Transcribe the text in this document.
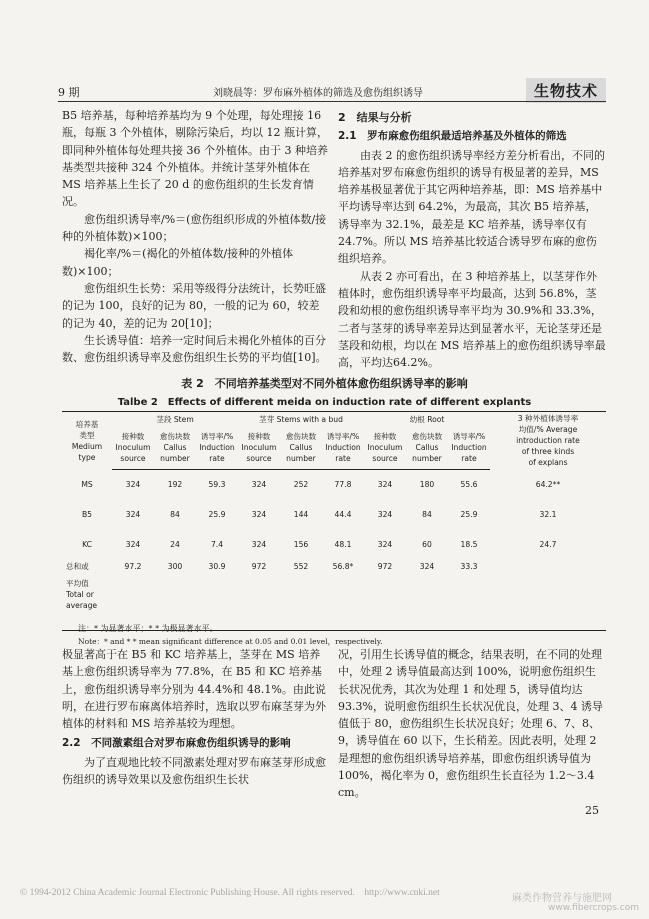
9 期	刘晓晨等：罗布麻外植体的筛选及愈伤组织诱导	生物技术

B5 培养基，每种培养基均为 9 个处理，每处理接 16 瓶，每瓶 3 个外植体，剔除污染后，均以 12 瓶计算，即同种外植体每处理共接 36 个外植体。由于 3 种培养基类型共接种 324 个外植体。并统计茎芽外植体在 MS 培养基上生长了 20 d 的愈伤组织的生长发育情况。

愈伤组织诱导率/%＝(愈伤组织形成的外植体数/接种的外植体数)×100；

褐化率/%＝(褐化的外植体数/接种的外植体数)×100；

愈伤组织生长势：采用等级得分法统计，长势旺盛的记为 100，良好的记为 80，一般的记为 60，较差的记为 40，差的记为 20[10]；

生长诱导值：培养一定时间后未褐化外植体的百分数、愈伤组织诱导率及愈伤组织生长势的平均值[10]。

2　结果与分析

2.1　罗布麻愈伤组织最适培养基及外植体的筛选

由表 2 的愈伤组织诱导率经方差分析看出，不同的培养基对罗布麻愈伤组织的诱导有极显著的差异，MS 培养基极显著优于其它两种培养基，即：MS 培养基中平均诱导率达到 64.2%，为最高，其次 B5 培养基，诱导率为 32.1%，最差是 KC 培养基，诱导率仅有 24.7%。所以 MS 培养基比较适合诱导罗布麻的愈伤组织培养。

从表 2 亦可看出，在 3 种培养基上，以茎芽作外植体时，愈伤组织诱导率平均最高，达到 56.8%，茎段和幼根的愈伤组织诱导率平均为 30.9%和 33.3%，二者与茎芽的诱导率差异达到显著水平，无论茎芽还是茎段和幼根，均以在 MS 培养基上的愈伤组织诱导率最高，平均达64.2%。

表 2　不同培养基类型对不同外植体愈伤组织诱导率的影响
Talbe 2　Effects of different meida on induction rate of different explants
培养基
类型
Medium
type	茎段 Stem			茎芽 Stems with a bud			幼根 Root			3 种外植体诱导率
均值/% Average
introduction rate
of three kinds
of explans

	接种数
Inoculum
source	愈伤块数
Callus
number	诱导率/%
Induction
rate	接种数
Inoculum
source	愈伤块数
Callus
number	诱导率/%
Induction
rate	接种数
Inoculum
source	愈伤块数
Callus
number	诱导率/%
Induction
rate	

MS	324	192	59.3	324	252	77.8	324	180	55.6	64.2**
B5	324	84	25.9	324	144	44.4	324	84	25.9	32.1
KC	324	24	7.4	324	156	48.1	324	60	18.5	24.7

总和或
平均值
Total or
average	97.2	300	30.9	972	552	56.8*	972	324	33.3	
注：* 为显著水平；* * 为极显著水平。
Note：* and * * mean significant difference at 0.05 and 0.01 level，respectively.

极显著高于在 B5 和 KC 培养基上，茎芽在 MS 培养基上愈伤组织诱导率为 77.8%，在 B5 和 KC 培养基上，愈伤组织诱导率分别为 44.4%和 48.1%。由此说明，在进行罗布麻离体培养时，选取以罗布麻茎芽为外植体的材料和 MS 培养基较为理想。

2.2　不同激素组合对罗布麻愈伤组织诱导的影响

为了直观地比较不同激素处理对罗布麻茎芽形成愈伤组织的诱导效果以及愈伤组织生长状

况，引用生长诱导值的概念，结果表明，在不同的处理中，处理 2 诱导值最高达到 100%，说明愈伤组织生长状况优秀，其次为处理 1 和处理 5，诱导值均达 93.3%，说明愈伤组织生长状况优良，处理 3、4 诱导值低于 80，愈伤组织生长状况良好；处理 6、7、8、9，诱导值在 60 以下，生长稍差。因此表明，处理 2 是理想的愈伤组织诱导培养基，即愈伤组织诱导值为 100%，褐化率为 0，愈伤组织生长直径为 1.2～3.4 cm。

25
© 1994-2012 China Academic Journal Electronic Publishing House. All rights reserved.　http://www.cnki.net	麻类作物营养与施肥网
www.fibercrops.com
